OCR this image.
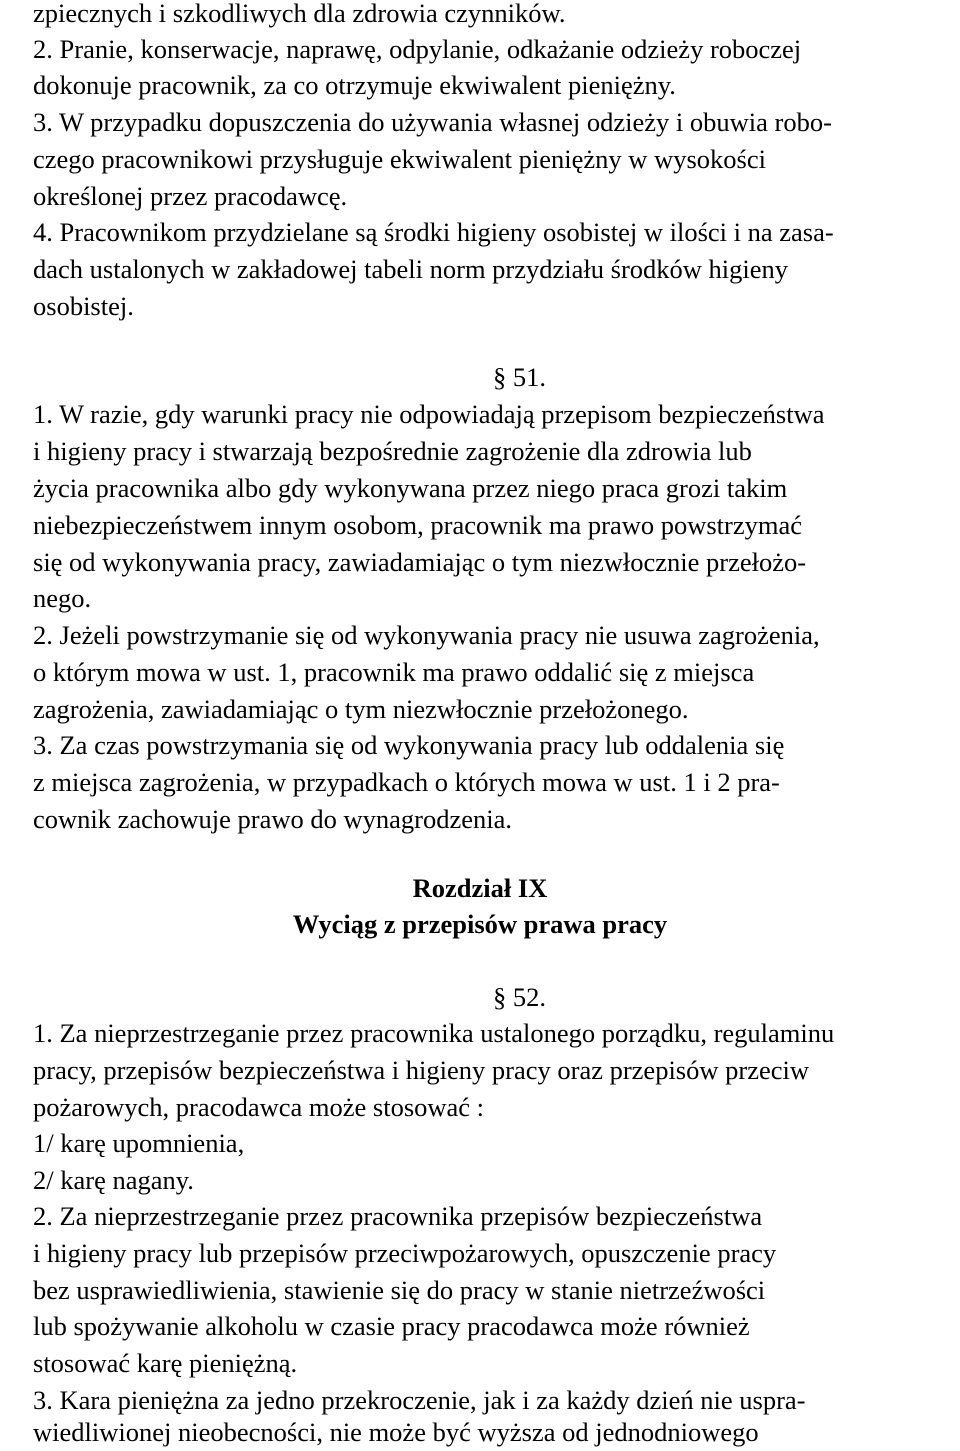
zpiecznych i szkodliwych dla zdrowia czynników.
2. Pranie, konserwacje, naprawę, odpylanie, odkażanie odzieży roboczej
dokonuje pracownik, za co otrzymuje ekwiwalent pieniężny.
3. W przypadku dopuszczenia do używania własnej odzieży i obuwia robo-
czego pracownikowi przysługuje ekwiwalent pieniężny w wysokości
określonej przez pracodawcę.
4. Pracownikom przydzielane są środki higieny osobistej w ilości i na zasa-
dach ustalonych w zakładowej tabeli norm przydziału środków higieny
osobistej.
§ 51.
1. W razie, gdy warunki pracy nie odpowiadają przepisom bezpieczeństwa
i higieny pracy i stwarzają bezpośrednie zagrożenie dla zdrowia lub
życia pracownika albo gdy wykonywana przez niego praca grozi takim
niebezpieczeństwem innym osobom, pracownik ma prawo powstrzymać
się od wykonywania pracy, zawiadamiając o tym niezwłocznie przełożo-
nego.
2. Jeżeli powstrzymanie się od wykonywania pracy nie usuwa zagrożenia,
o którym mowa w ust. 1, pracownik ma prawo oddalić się z miejsca
zagrożenia, zawiadamiając o tym niezwłocznie przełożonego.
3. Za czas powstrzymania się od wykonywania pracy lub oddalenia się
z miejsca zagrożenia, w przypadkach o których mowa w ust. 1 i 2 pra-
cownik zachowuje prawo do wynagrodzenia.
Rozdział IX
Wyciąg z przepisów prawa pracy
§ 52.
1. Za nieprzestrzeganie przez pracownika ustalonego porządku, regulaminu
pracy, przepisów bezpieczeństwa i higieny pracy oraz przepisów przeciw
pożarowych, pracodawca może stosować :
1/ karę upomnienia,
2/ karę nagany.
2. Za nieprzestrzeganie przez pracownika przepisów bezpieczeństwa
i higieny pracy lub przepisów przeciwpożarowych, opuszczenie pracy
bez usprawiedliwienia, stawienie się do pracy w stanie nietrzeźwości
lub spożywanie alkoholu w czasie pracy pracodawca może również
stosować karę pieniężną.
3. Kara pieniężna za jedno przekroczenie, jak i za każdy dzień nie uspra-
wiedliwionej nieobecności, nie może być wyższa od jednodniowego
